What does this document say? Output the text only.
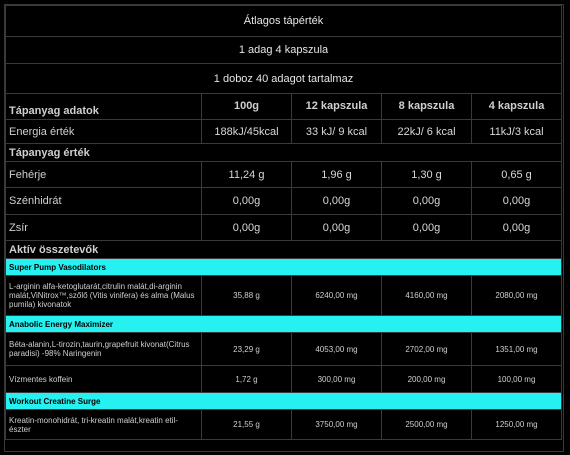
Átlagos tápérték				
1 adag 4 kapszula				
1 doboz 40 adagot tartalmaz				
Tápanyag adatok	100g	12 kapszula	8 kapszula	4 kapszula
Energia érték	188kJ/45kcal	33 kJ/ 9 kcal	22kJ/ 6 kcal	11kJ/3 kcal
Tápanyag érték				
Fehérje	11,24 g	1,96 g	1,30 g	0,65 g
Szénhidrát	0,00g	0,00g	0,00g	0,00g
Zsír	0,00g	0,00g	0,00g	0,00g
Aktív összetevők				
Super Pump Vasodilators				
L-arginin alfa-ketoglutarát,citrulin malát,di-arginin malát,ViNitrox™,szőlő (Vitis vinifera) és alma (Malus pumila) kivonatok	35,88 g	6240,00 mg	4160,00 mg	2080,00 mg
Anabolic Energy Maximizer				
Béta-alanin,L-tirozin,taurin,grapefruit kivonat(Citrus paradisi) -98% Naringenin	23,29 g	4053,00 mg	2702,00 mg	1351,00 mg
Vízmentes koffein	1,72 g	300,00 mg	200,00 mg	100,00 mg
Workout Creatine Surge				
Kreatin-monohidrát, tri-kreatin malát,kreatin etil-észter	21,55 g	3750,00 mg	2500,00 mg	1250,00 mg
